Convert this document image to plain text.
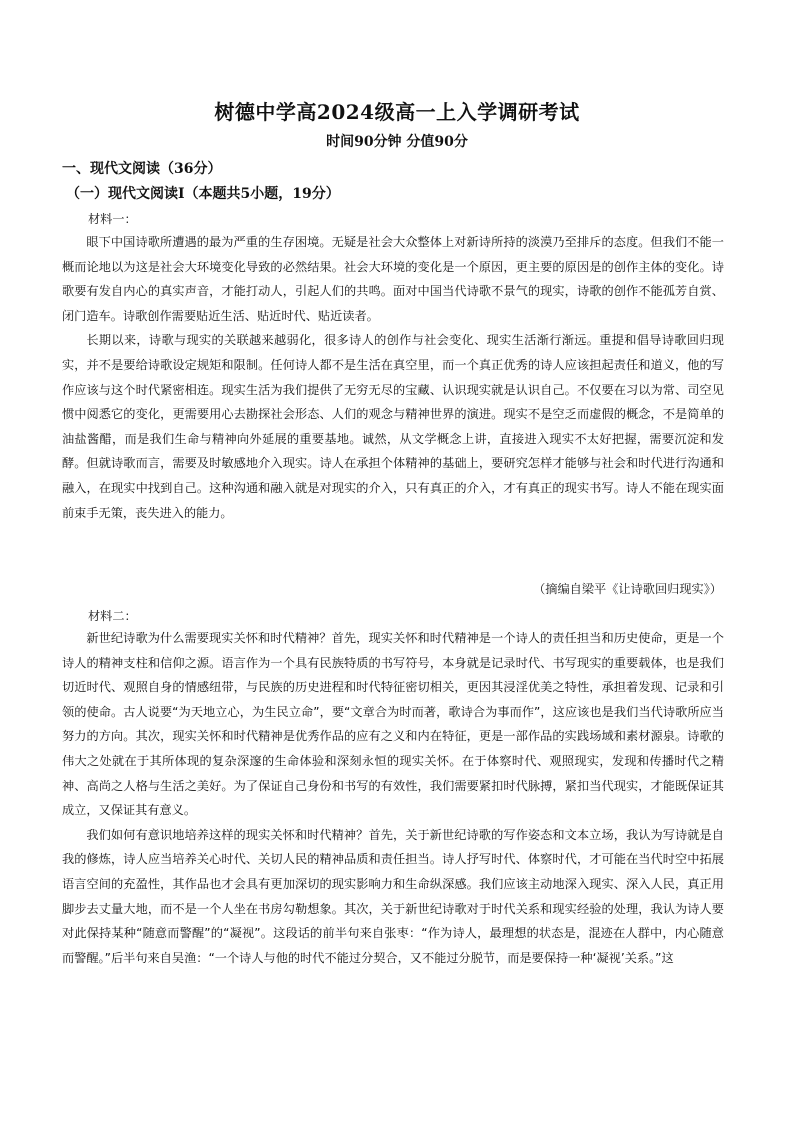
树德中学高2024级高一上入学调研考试
时间90分钟 分值90分
一、现代文阅读（36分）
（一）现代文阅读I（本题共5小题，19分）
材料一：

眼下中国诗歌所遭遇的最为严重的生存困境。无疑是社会大众整体上对新诗所持的淡漠乃至排斥的态度。但我们不能一概而论地以为这是社会大环境变化导致的必然结果。社会大环境的变化是一个原因，更主要的原因是的创作主体的变化。诗歌要有发自内心的真实声音，才能打动人，引起人们的共鸣。面对中国当代诗歌不景气的现实，诗歌的创作不能孤芳自赏、闭门造车。诗歌创作需要贴近生活、贴近时代、贴近读者。

长期以来，诗歌与现实的关联越来越弱化，很多诗人的创作与社会变化、现实生活渐行渐远。重提和倡导诗歌回归现实，并不是要给诗歌设定规矩和限制。任何诗人都不是生活在真空里，而一个真正优秀的诗人应该担起责任和道义，他的写作应该与这个时代紧密相连。现实生活为我们提供了无穷无尽的宝藏、认识现实就是认识自己。不仅要在习以为常、司空见惯中阅悉它的变化，更需要用心去勘探社会形态、人们的观念与精神世界的演进。现实不是空乏而虚假的概念，不是简单的油盐酱醋，而是我们生命与精神向外延展的重要基地。诚然，从文学概念上讲，直接进入现实不太好把握，需要沉淀和发酵。但就诗歌而言，需要及时敏感地介入现实。诗人在承担个体精神的基础上，要研究怎样才能够与社会和时代进行沟通和融入，在现实中找到自己。这种沟通和融入就是对现实的介入，只有真正的介入，才有真正的现实书写。诗人不能在现实面前束手无策，丧失进入的能力。

（摘编自梁平《让诗歌回归现实》）
材料二：

新世纪诗歌为什么需要现实关怀和时代精神？首先，现实关怀和时代精神是一个诗人的责任担当和历史使命，更是一个诗人的精神支柱和信仰之源。语言作为一个具有民族特质的书写符号，本身就是记录时代、书写现实的重要载体，也是我们切近时代、观照自身的情感纽带，与民族的历史进程和时代特征密切相关，更因其浸淫优美之特性，承担着发现、记录和引领的使命。古人说要“为天地立心，为生民立命”，要“文章合为时而著，歌诗合为事而作”，这应该也是我们当代诗歌所应当努力的方向。其次，现实关怀和时代精神是优秀作品的应有之义和内在特征，更是一部作品的实践场域和素材源泉。诗歌的伟大之处就在于其所体现的复杂深邃的生命体验和深刻永恒的现实关怀。在于体察时代、观照现实，发现和传播时代之精神、高尚之人格与生活之美好。为了保证自己身份和书写的有效性，我们需要紧扣时代脉搏，紧扣当代现实，才能既保证其成立，又保证其有意义。

我们如何有意识地培养这样的现实关怀和时代精神？首先，关于新世纪诗歌的写作姿态和文本立场，我认为写诗就是自我的修炼，诗人应当培养关心时代、关切人民的精神品质和责任担当。诗人抒写时代、体察时代，才可能在当代时空中拓展语言空间的充盈性，其作品也才会具有更加深切的现实影响力和生命纵深感。我们应该主动地深入现实、深入人民，真正用脚步去丈量大地，而不是一个人坐在书房勾勒想象。其次，关于新世纪诗歌对于时代关系和现实经验的处理，我认为诗人要对此保持某种“随意而警醒”的“凝视”。这段话的前半句来自张枣：“作为诗人，最理想的状态是，混迹在人群中，内心随意而警醒。”后半句来自吴渔：“一个诗人与他的时代不能过分契合，又不能过分脱节，而是要保持一种‘凝视’关系。”这
